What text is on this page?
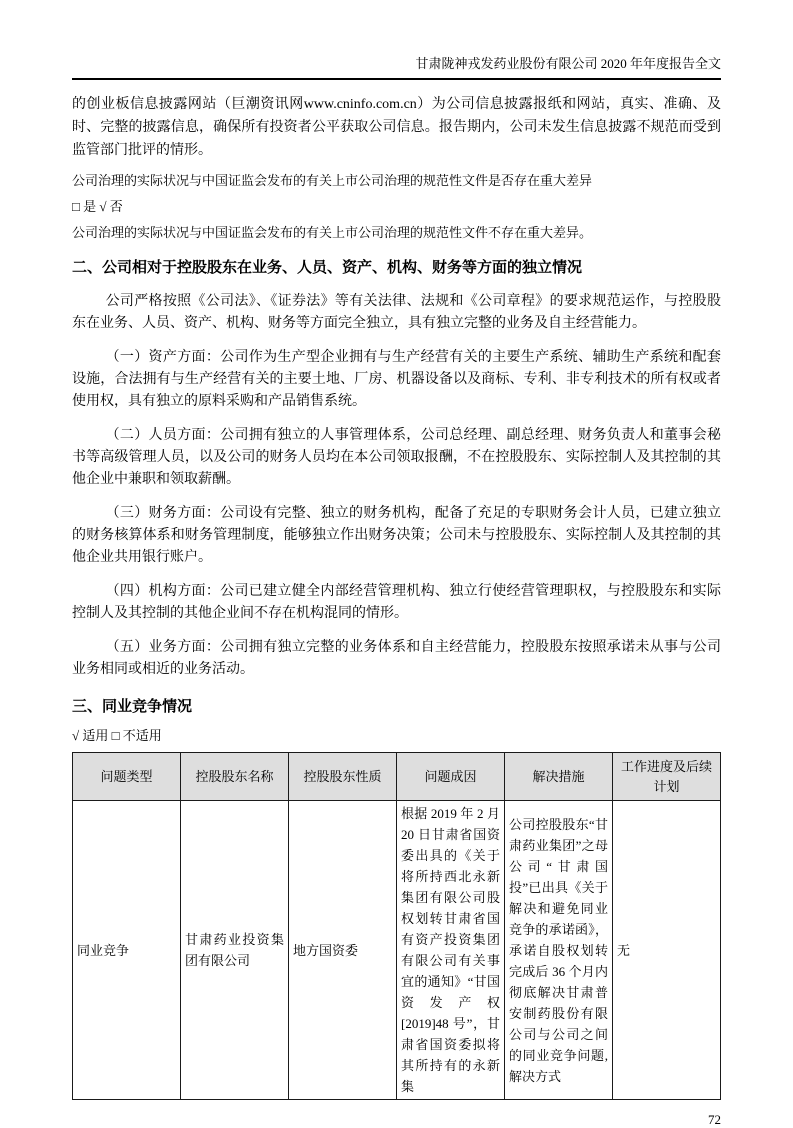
甘肃陇神戎发药业股份有限公司 2020 年年度报告全文

的创业板信息披露网站（巨潮资讯网www.cninfo.com.cn）为公司信息披露报纸和网站，真实、准确、及时、完整的披露信息，确保所有投资者公平获取公司信息。报告期内，公司未发生信息披露不规范而受到监管部门批评的情形。

公司治理的实际状况与中国证监会发布的有关上市公司治理的规范性文件是否存在重大差异

□ 是 √ 否

公司治理的实际状况与中国证监会发布的有关上市公司治理的规范性文件不存在重大差异。

二、公司相对于控股股东在业务、人员、资产、机构、财务等方面的独立情况

公司严格按照《公司法》、《证券法》等有关法律、法规和《公司章程》的要求规范运作，与控股股东在业务、人员、资产、机构、财务等方面完全独立，具有独立完整的业务及自主经营能力。

（一）资产方面：公司作为生产型企业拥有与生产经营有关的主要生产系统、辅助生产系统和配套设施，合法拥有与生产经营有关的主要土地、厂房、机器设备以及商标、专利、非专利技术的所有权或者使用权，具有独立的原料采购和产品销售系统。

（二）人员方面：公司拥有独立的人事管理体系，公司总经理、副总经理、财务负责人和董事会秘书等高级管理人员，以及公司的财务人员均在本公司领取报酬，不在控股股东、实际控制人及其控制的其他企业中兼职和领取薪酬。

（三）财务方面：公司设有完整、独立的财务机构，配备了充足的专职财务会计人员，已建立独立的财务核算体系和财务管理制度，能够独立作出财务决策；公司未与控股股东、实际控制人及其控制的其他企业共用银行账户。

（四）机构方面：公司已建立健全内部经营管理机构、独立行使经营管理职权，与控股股东和实际控制人及其控制的其他企业间不存在机构混同的情形。

（五）业务方面：公司拥有独立完整的业务体系和自主经营能力，控股股东按照承诺未从事与公司业务相同或相近的业务活动。

三、同业竞争情况

√ 适用 □ 不适用

问题类型	控股股东名称	控股股东性质	问题成因	解决措施	工作进度及后续计划
同业竞争	甘肃药业投资集团有限公司	地方国资委	根据 2019 年 2 月 20 日甘肃省国资委出具的《关于将所持西北永新集团有限公司股权划转甘肃省国有资产投资集团有限公司有关事宜的通知》“甘国资发产权[2019]48 号”，甘肃省国资委拟将其所持有的永新集	公司控股股东“甘肃药业集团”之母公司“甘肃国投”已出具《关于解决和避免同业竞争的承诺函》，承诺自股权划转完成后 36 个月内彻底解决甘肃普安制药股份有限公司与公司之间的同业竞争问题,解决方式	无
72
